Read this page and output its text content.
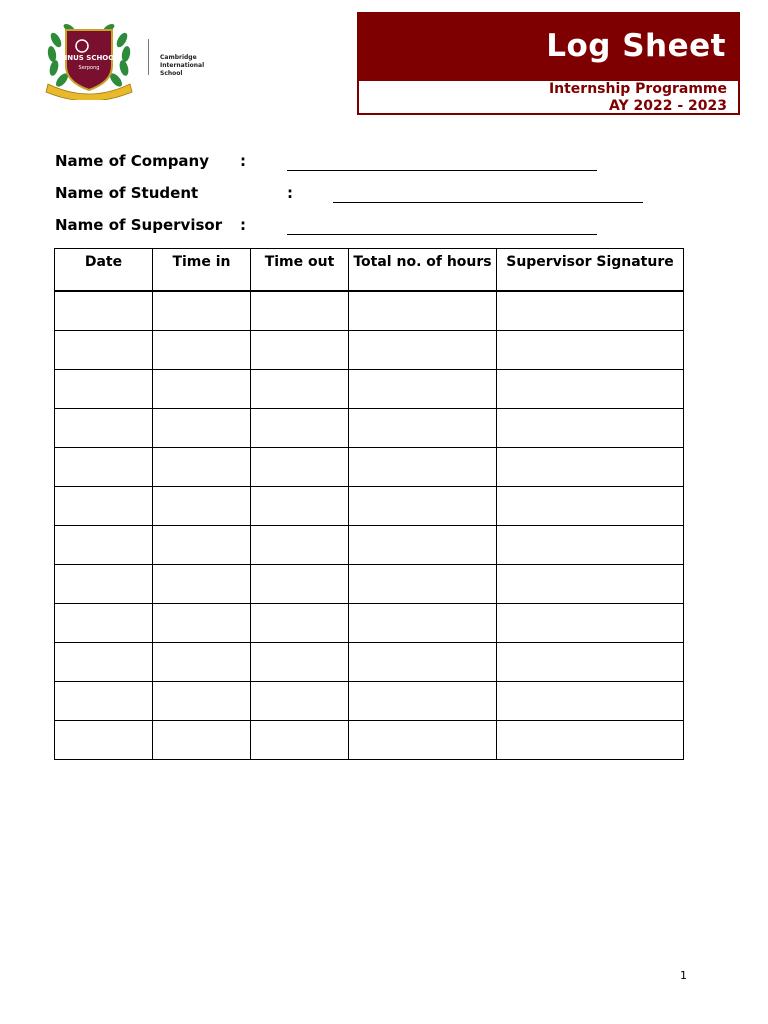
BINUS SCHOOL
Serpong
Cambridge
International
School
Log Sheet
Internship Programme
AY 2022 - 2023
Name of Company :
Name of Student	:
Name of Supervisor :
Date	Time in	Time out	Total no. of hours	Supervisor Signature

1
